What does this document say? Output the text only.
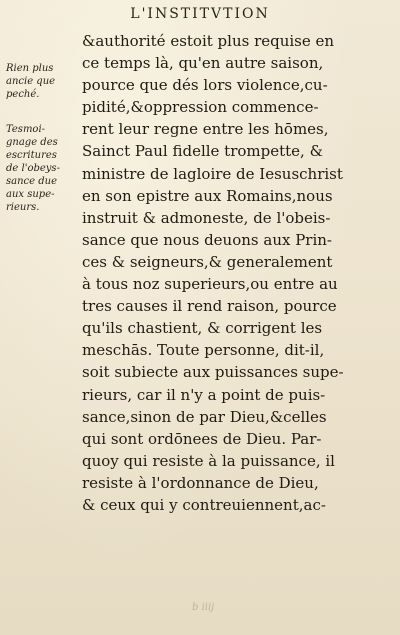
L'INSTITVTION
Rien plus
ancie que
peché.
Tesmoi-
gnage des
escritures
de l'obeys-
sance due
aux supe-
rieurs.
&authorité estoit plus requise en
ce temps là, qu'en autre saison,
pource que dés lors violence,cu-
pidité,&oppression commence-
rent leur regne entre les hōmes,
Sainct Paul fidelle trompette, &
ministre de lagloire de Iesuschrist
en son epistre aux Romains,nous
instruit & admoneste, de l'obeis-
sance que nous deuons aux Prin-
ces & seigneurs,& generalement
à tous noz superieurs,ou entre au
tres causes il rend raison, pource
qu'ils chastient, & corrigent les
meschās. Toute personne, dit-il,
soit subiecte aux puissances supe-
rieurs, car il n'y a point de puis-
sance,sinon de par Dieu,&celles
qui sont ordōnees de Dieu. Par-
quoy qui resiste à la puissance, il
resiste à l'ordonnance de Dieu,
& ceux qui y contreuiennent,ac-
b iiij
